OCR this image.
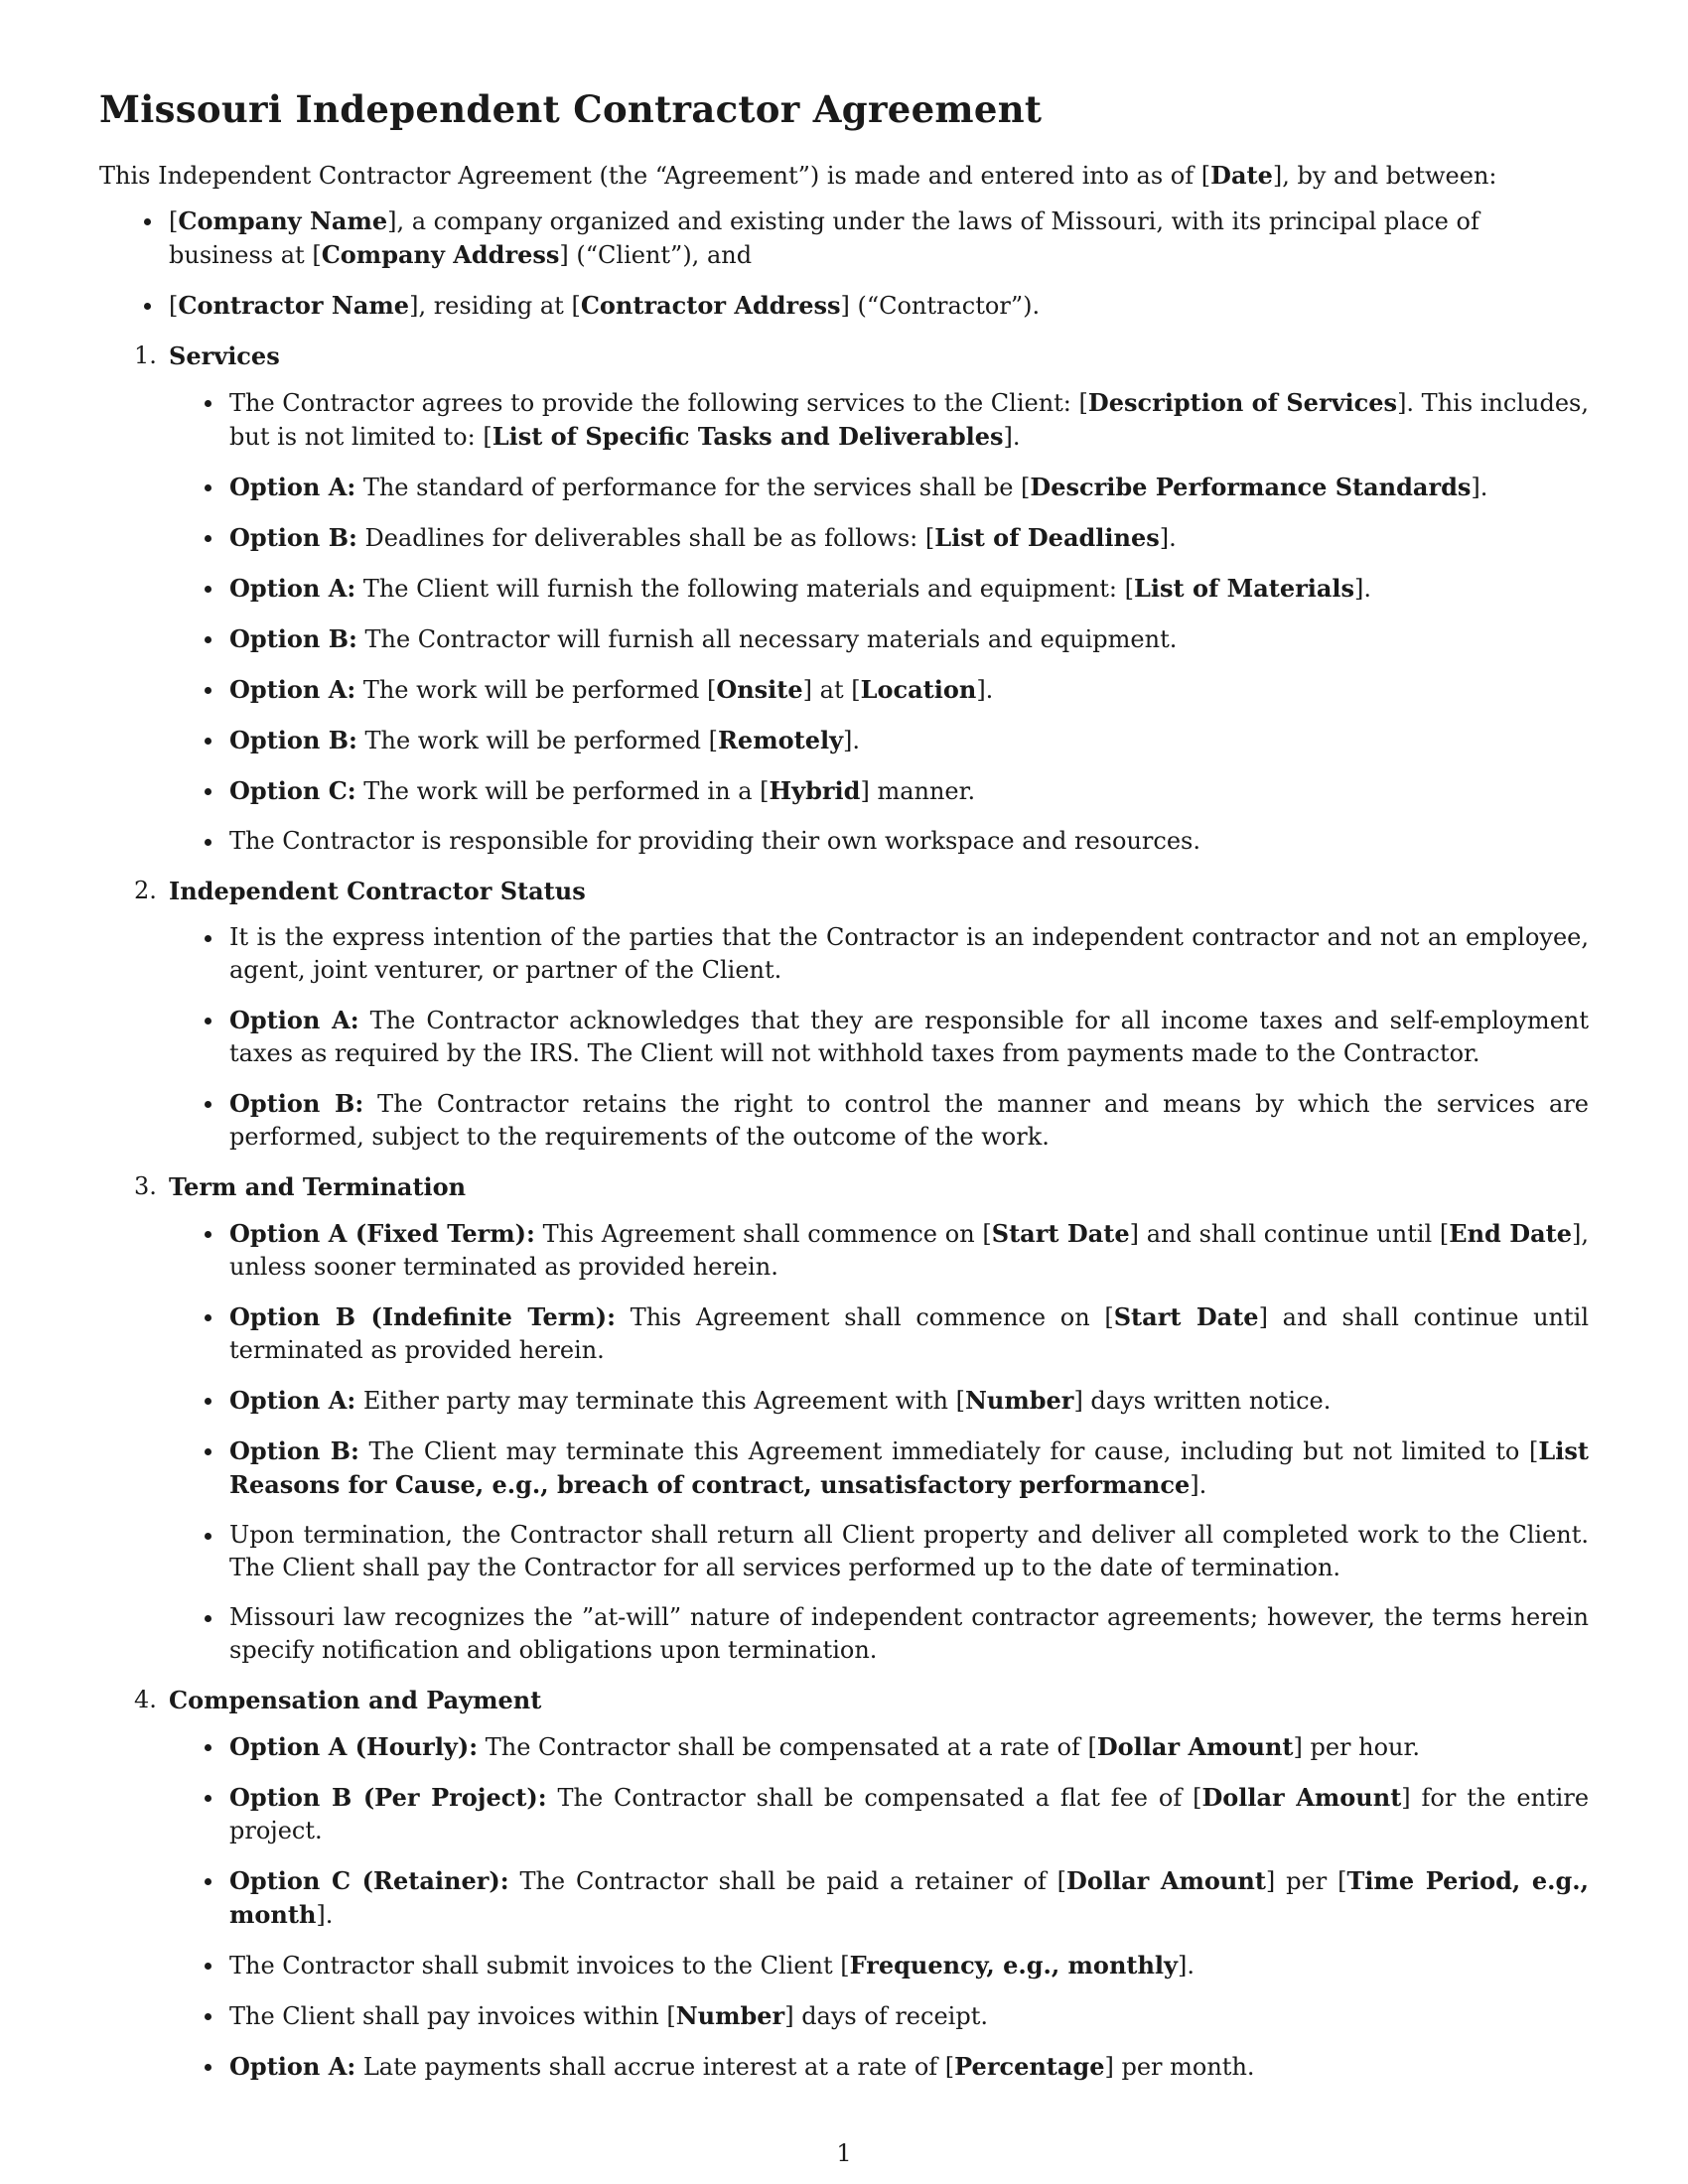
Missouri Independent Contractor Agreement

This Independent Contractor Agreement (the “Agreement”) is made and entered into as of [Date], by and between:

[Company Name], a company organized and existing under the laws of Missouri, with its principal place of business at [Company Address] (“Client”), and
[Contractor Name], residing at [Contractor Address] (“Contractor”).
1. Services
The Contractor agrees to provide the following services to the Client: [Description of Services]. This includes, but is not limited to: [List of Specific Tasks and Deliverables].
Option A: The standard of performance for the services shall be [Describe Performance Standards].
Option B: Deadlines for deliverables shall be as follows: [List of Deadlines].
Option A: The Client will furnish the following materials and equipment: [List of Materials].
Option B: The Contractor will furnish all necessary materials and equipment.
Option A: The work will be performed [Onsite] at [Location].
Option B: The work will be performed [Remotely].
Option C: The work will be performed in a [Hybrid] manner.
The Contractor is responsible for providing their own workspace and resources.
2. Independent Contractor Status
It is the express intention of the parties that the Contractor is an independent contractor and not an employee, agent, joint venturer, or partner of the Client.
Option A: The Contractor acknowledges that they are responsible for all income taxes and self-employment taxes as required by the IRS. The Client will not withhold taxes from payments made to the Contractor.
Option B: The Contractor retains the right to control the manner and means by which the services are performed, subject to the requirements of the outcome of the work.
3. Term and Termination
Option A (Fixed Term): This Agreement shall commence on [Start Date] and shall continue until [End Date], unless sooner terminated as provided herein.
Option B (Indefinite Term): This Agreement shall commence on [Start Date] and shall continue until terminated as provided herein.
Option A: Either party may terminate this Agreement with [Number] days written notice.
Option B: The Client may terminate this Agreement immediately for cause, including but not limited to [List Reasons for Cause, e.g., breach of contract, unsatisfactory performance].
Upon termination, the Contractor shall return all Client property and deliver all completed work to the Client. The Client shall pay the Contractor for all services performed up to the date of termination.
Missouri law recognizes the ”at-will” nature of independent contractor agreements; however, the terms herein specify notification and obligations upon termination.
4. Compensation and Payment
Option A (Hourly): The Contractor shall be compensated at a rate of [Dollar Amount] per hour.
Option B (Per Project): The Contractor shall be compensated a flat fee of [Dollar Amount] for the entire project.
Option C (Retainer): The Contractor shall be paid a retainer of [Dollar Amount] per [Time Period, e.g., month].
The Contractor shall submit invoices to the Client [Frequency, e.g., monthly].
The Client shall pay invoices within [Number] days of receipt.
Option A: Late payments shall accrue interest at a rate of [Percentage] per month.
1
